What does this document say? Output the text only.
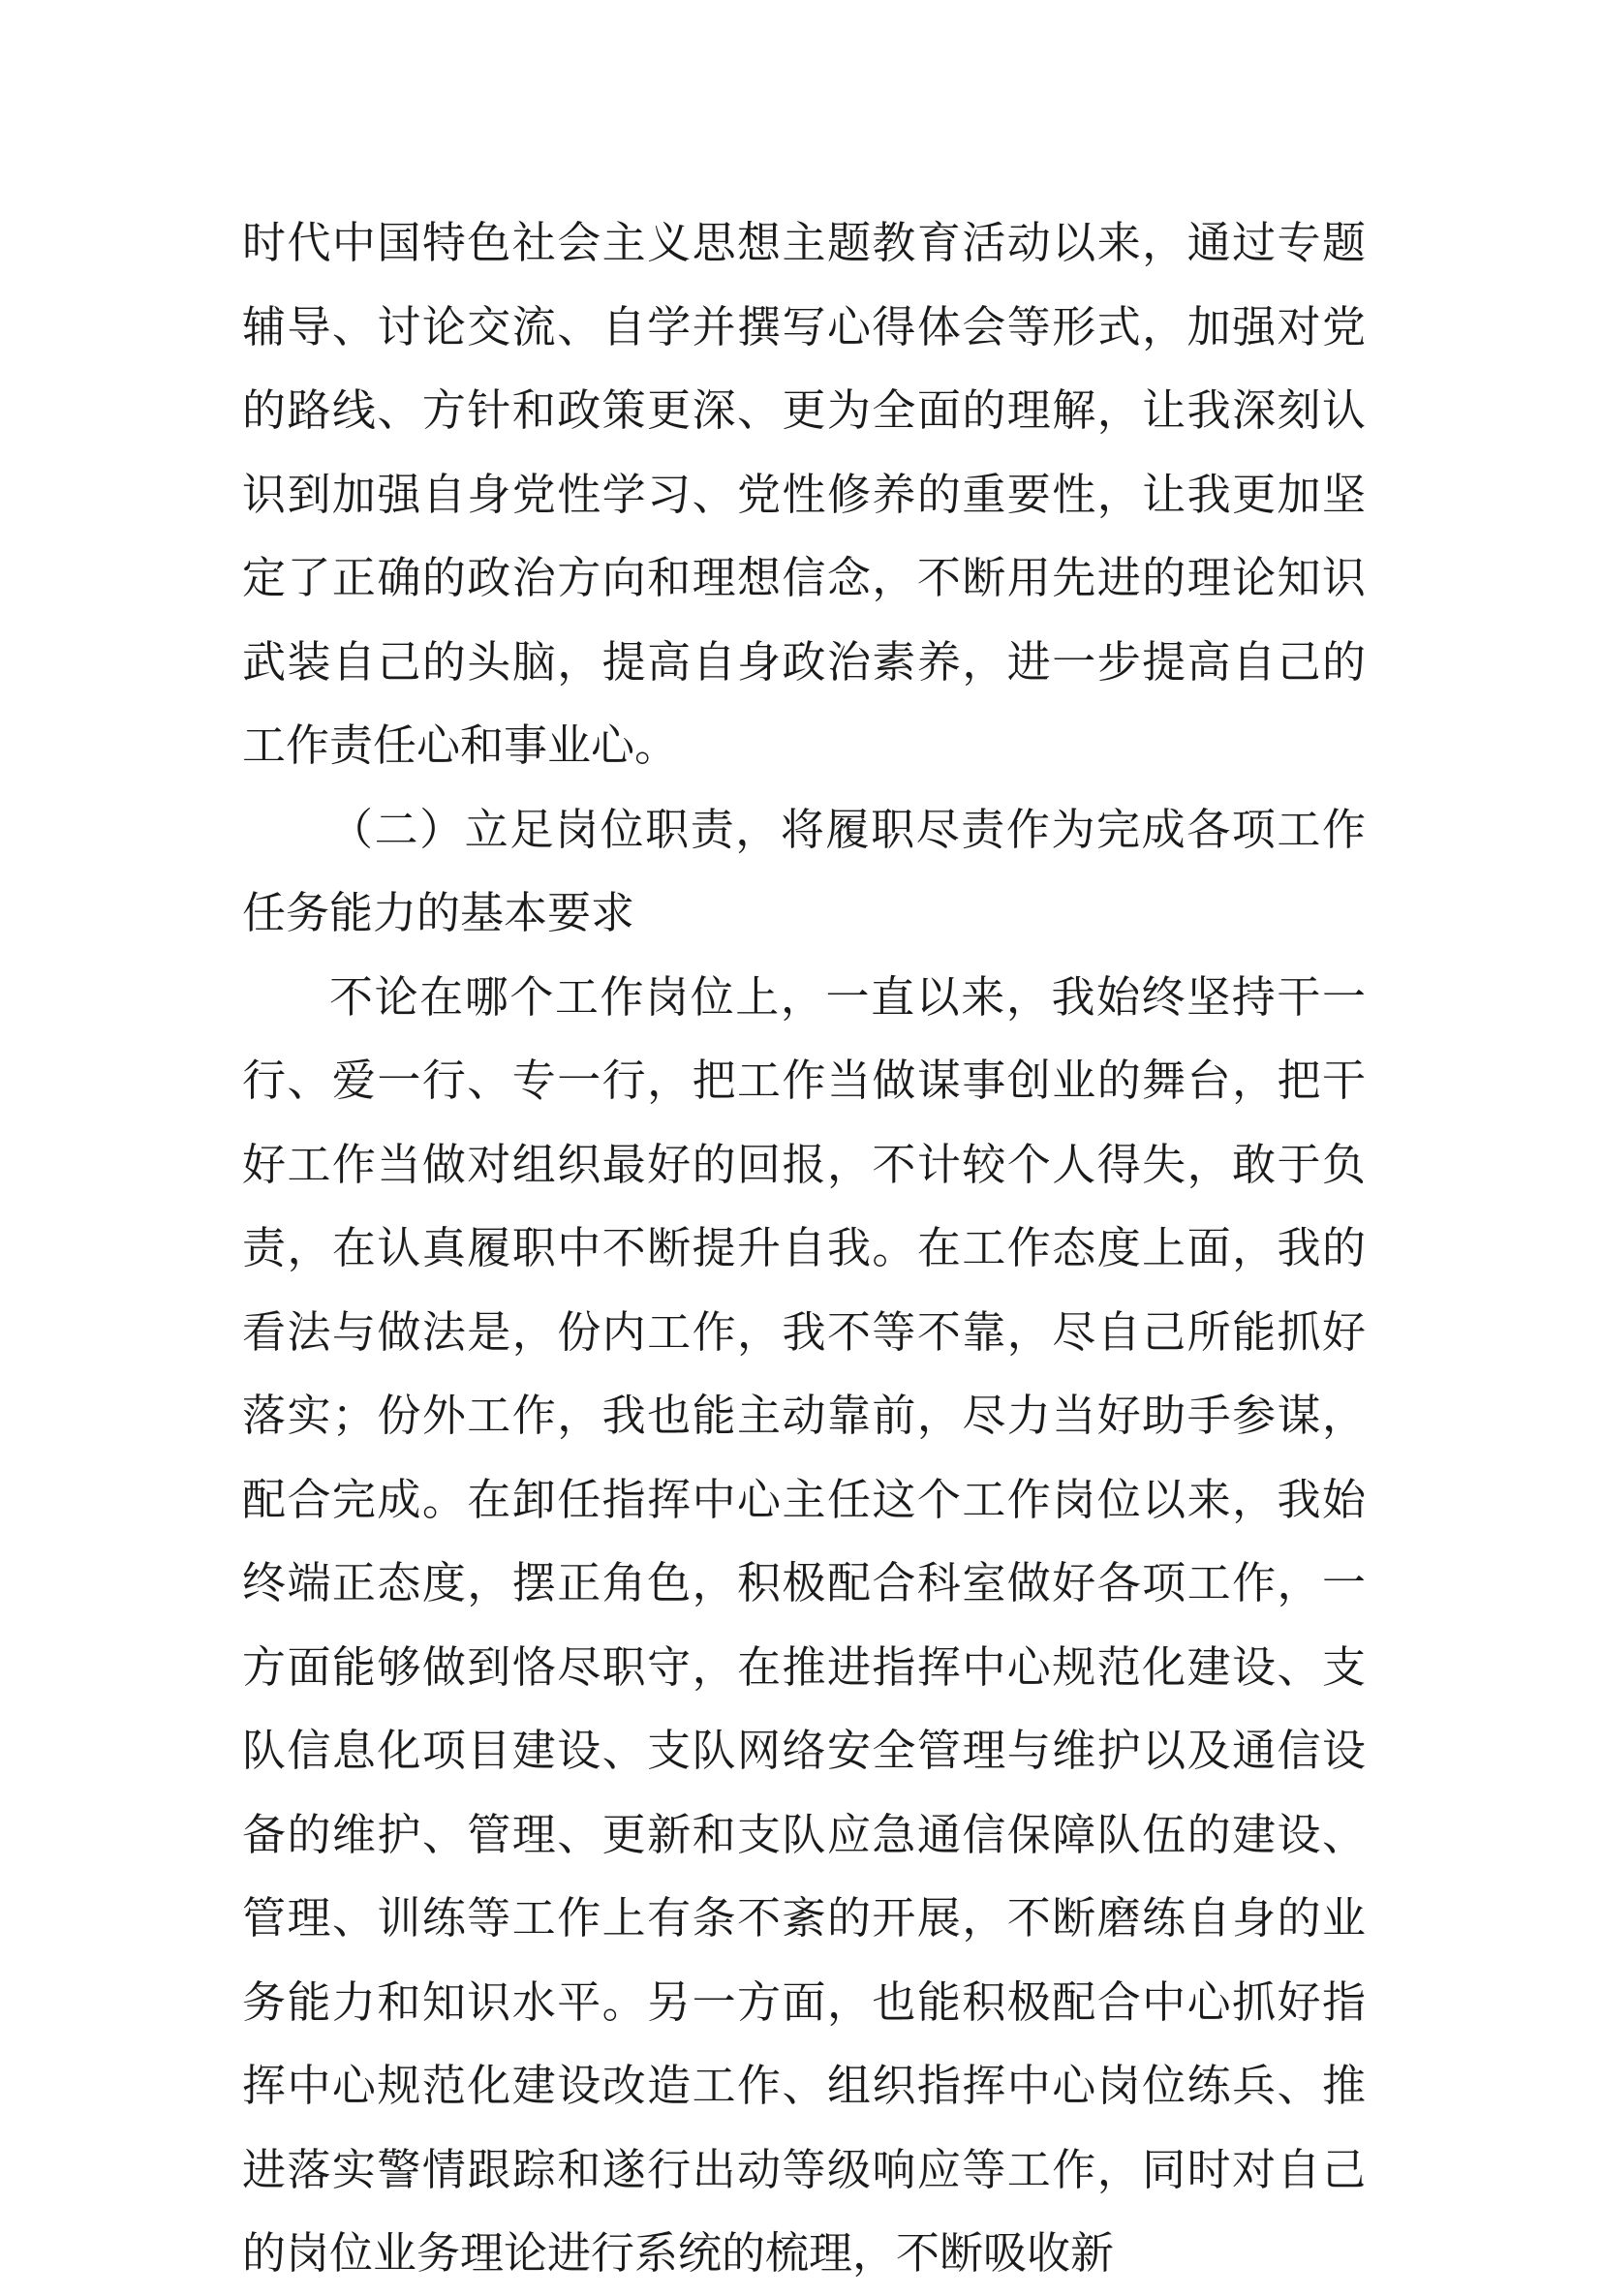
时代中国特色社会主义思想主题教育活动以来，通过专题辅导、讨论交流、自学并撰写心得体会等形式，加强对党的路线、方针和政策更深、更为全面的理解，让我深刻认识到加强自身党性学习、党性修养的重要性，让我更加坚定了正确的政治方向和理想信念，不断用先进的理论知识武装自己的头脑，提高自身政治素养，进一步提高自己的工作责任心和事业心。

（二）立足岗位职责，将履职尽责作为完成各项工作任务能力的基本要求

不论在哪个工作岗位上，一直以来，我始终坚持干一行、爱一行、专一行，把工作当做谋事创业的舞台，把干好工作当做对组织最好的回报，不计较个人得失，敢于负责，在认真履职中不断提升自我。在工作态度上面，我的看法与做法是，份内工作，我不等不靠，尽自己所能抓好落实；份外工作，我也能主动靠前，尽力当好助手参谋，配合完成。在卸任指挥中心主任这个工作岗位以来，我始终端正态度，摆正角色，积极配合科室做好各项工作，一方面能够做到恪尽职守，在推进指挥中心规范化建设、支队信息化项目建设、支队网络安全管理与维护以及通信设备的维护、管理、更新和支队应急通信保障队伍的建设、管理、训练等工作上有条不紊的开展，不断磨练自身的业务能力和知识水平。另一方面，也能积极配合中心抓好指挥中心规范化建设改造工作、组织指挥中心岗位练兵、推进落实警情跟踪和遂行出动等级响应等工作，同时对自己的岗位业务理论进行系统的梳理，不断吸收新
